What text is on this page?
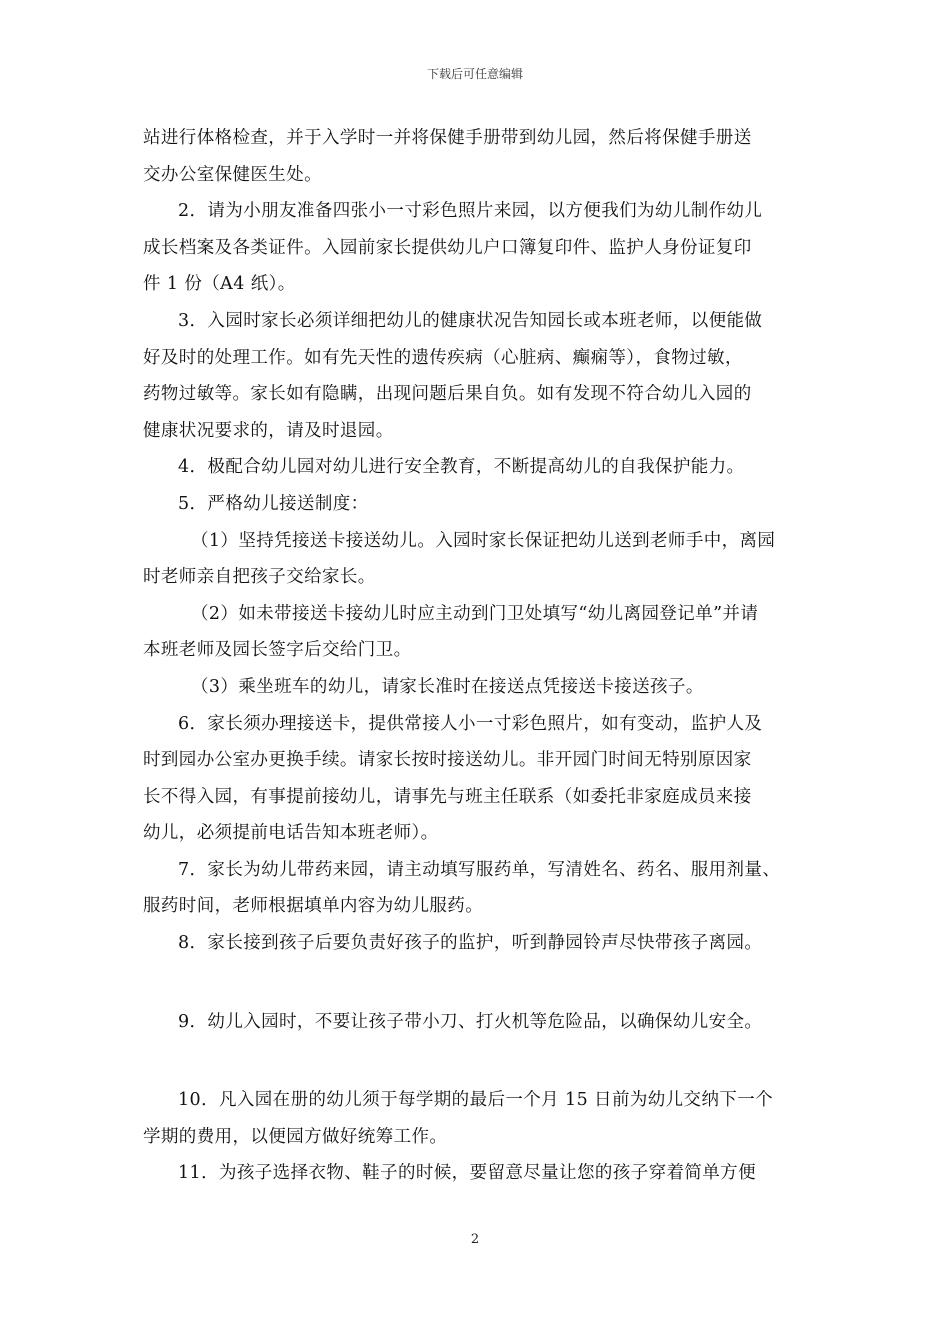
下载后可任意编辑
站进行体格检查，并于入学时一并将保健手册带到幼儿园，然后将保健手册送
交办公室保健医生处。
2．请为小朋友准备四张小一寸彩色照片来园，以方便我们为幼儿制作幼儿
成长档案及各类证件。入园前家长提供幼儿户口簿复印件、监护人身份证复印
件 1 份（A4 纸）。
3．入园时家长必须详细把幼儿的健康状况告知园长或本班老师，以便能做
好及时的处理工作。如有先天性的遗传疾病（心脏病、癫痫等），食物过敏，
药物过敏等。家长如有隐瞒，出现问题后果自负。如有发现不符合幼儿入园的
健康状况要求的，请及时退园。
4．极配合幼儿园对幼儿进行安全教育，不断提高幼儿的自我保护能力。
5．严格幼儿接送制度：
（1）坚持凭接送卡接送幼儿。入园时家长保证把幼儿送到老师手中，离园
时老师亲自把孩子交给家长。
（2）如未带接送卡接幼儿时应主动到门卫处填写“幼儿离园登记单”并请
本班老师及园长签字后交给门卫。
（3）乘坐班车的幼儿，请家长准时在接送点凭接送卡接送孩子。
6．家长须办理接送卡，提供常接人小一寸彩色照片，如有变动，监护人及
时到园办公室办更换手续。请家长按时接送幼儿。非开园门时间无特别原因家
长不得入园，有事提前接幼儿，请事先与班主任联系（如委托非家庭成员来接
幼儿，必须提前电话告知本班老师）。
7．家长为幼儿带药来园，请主动填写服药单，写清姓名、药名、服用剂量、
服药时间，老师根据填单内容为幼儿服药。
8．家长接到孩子后要负责好孩子的监护，听到静园铃声尽快带孩子离园。
9．幼儿入园时，不要让孩子带小刀、打火机等危险品，以确保幼儿安全。
10．凡入园在册的幼儿须于每学期的最后一个月 15 日前为幼儿交纳下一个
学期的费用，以便园方做好统筹工作。
11．为孩子选择衣物、鞋子的时候，要留意尽量让您的孩子穿着简单方便
2
